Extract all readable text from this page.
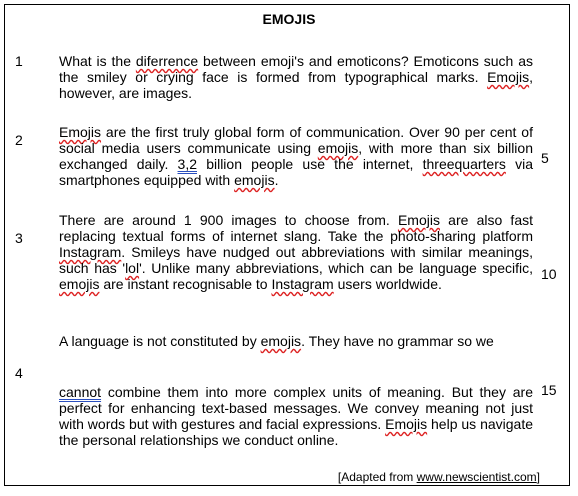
EMOJIS
1
2
3
4
5
10
15

What is the diferrence between emoji's and emoticons? Emoticons such as the smiley or crying face is formed from typographical marks. Emojis, however, are images.

Emojis are the first truly global form of communication. Over 90 per cent of social media users communicate using emojis, with more than six billion exchanged daily. 3,2 billion people use the internet, threequarters via smartphones equipped with emojis.

There are around 1 900 images to choose from. Emojis are also fast replacing textual forms of internet slang. Take the photo-sharing platform Instagram. Smileys have nudged out abbreviations with similar meanings, such has 'lol'. Unlike many abbreviations, which can be language specific, emojis are instant recognisable to Instagram users worldwide.

A language is not constituted by emojis. They have no grammar so we

cannot combine them into more complex units of meaning. But they are perfect for enhancing text-based messages. We convey meaning not just with words but with gestures and facial expressions. Emojis help us navigate the personal relationships we conduct online.

[Adapted from www.newscientist.com]
